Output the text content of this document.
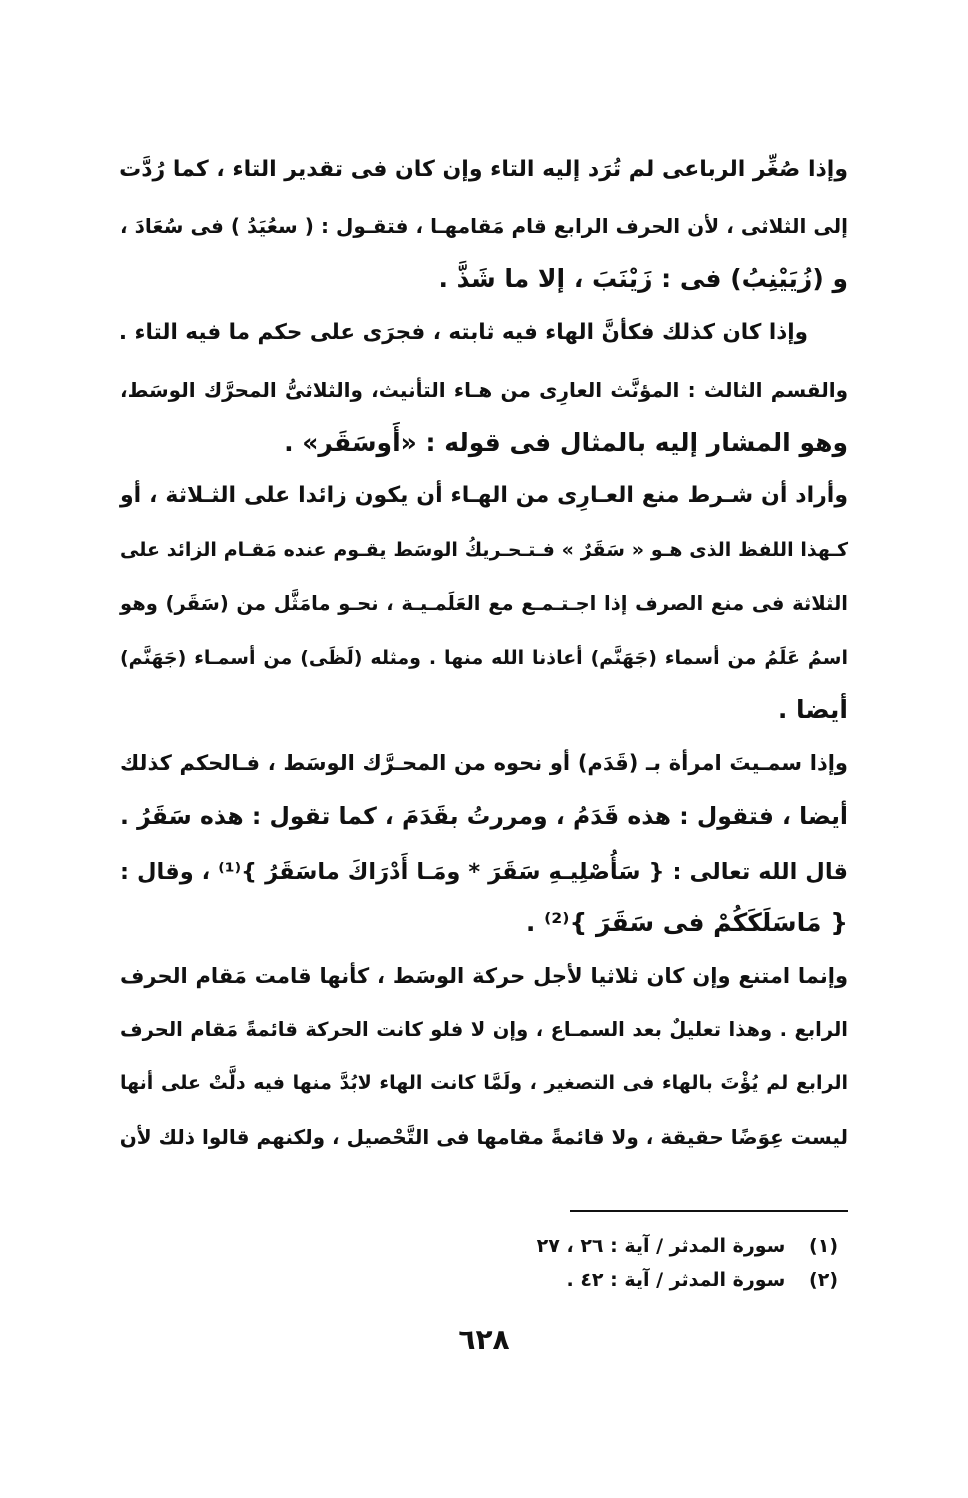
وإذا صُغِّر الرباعى لم تُرَد إليه التاء وإن كان فى تقدير التاء ، كما رُدَّت
إلى الثلاثى ، لأن الحرف الرابع قام مَقامهـا ، فتقـول : ( سعُيَدُ ) فى سُعَادَ ،
و (زُيَيْنِبُ) فى : زَيْنَبَ ، إلا ما شَذَّ .
وإذا كان كذلك فكأنَّ الهاء فيه ثابته ، فجرَى على حكم ما فيه التاء .
والقسم الثالث : المؤنَّث العارِى من هـاء التأنيث، والثلاثىُّ المحرَّك الوسَط،
وهو المشار إليه بالمثال فى قوله : «أَوسَقَر» .
وأراد أن شـرط منع العـارِى من الهـاء أن يكون زائدا على الثـلاثة ، أو
كـهذا اللفظ الذى هـو « سَقَرٌ » فـتـحـريكُ الوسَط يقـوم عنده مَقـام الزائد على
الثلاثة فى منع الصرف إذا اجـتـمـع مع العَلَمـيـة ، نحـو مامَثَّل من (سَقَر) وهو
اسمُ عَلَمُ من أسماء (جَهَنَّم) أعاذنا الله منها . ومثله (لَظَى) من أسمـاء (جَهَنَّم)
أيضا .
وإذا سمـيتَ امرأة بـ (قَدَم) أو نحوه من المحـرَّك الوسَط ، فـالحكم كذلك
أيضا ، فتقول : هذه قَدَمُ ، ومررتُ بقَدَمَ ، كما تقول : هذه سَقَرُ .
قال الله تعالى : { سَأُصْلِيـهِ سَقَرَ * ومَـا أَدْرَاكَ ماسَقَرُ }⁽¹⁾ ، وقال :
{ مَاسَلَكَكُمْ فى سَقَرَ }⁽²⁾ .
وإنما امتنع وإن كان ثلاثيا لأجل حركة الوسَط ، كأنها قامت مَقام الحرف
الرابع . وهذا تعليلٌ بعد السمـاع ، وإن لا فلو كانت الحركة قائمةً مَقام الحرف
الرابع لم يُؤْتَ بالهاء فى التصغير ، ولَمَّا كانت الهاء لابُدَّ منها فيه دلَّتْ على أنها
ليست عِوَضًا حقيقة ، ولا قائمةً مقامها فى التَّحْصيل ، ولكنهم قالوا ذلك لأن
(١) سورة المدثر / آية : ٢٦ ، ٢٧
(٢) سورة المدثر / آية : ٤٢ .
٦٢٨
